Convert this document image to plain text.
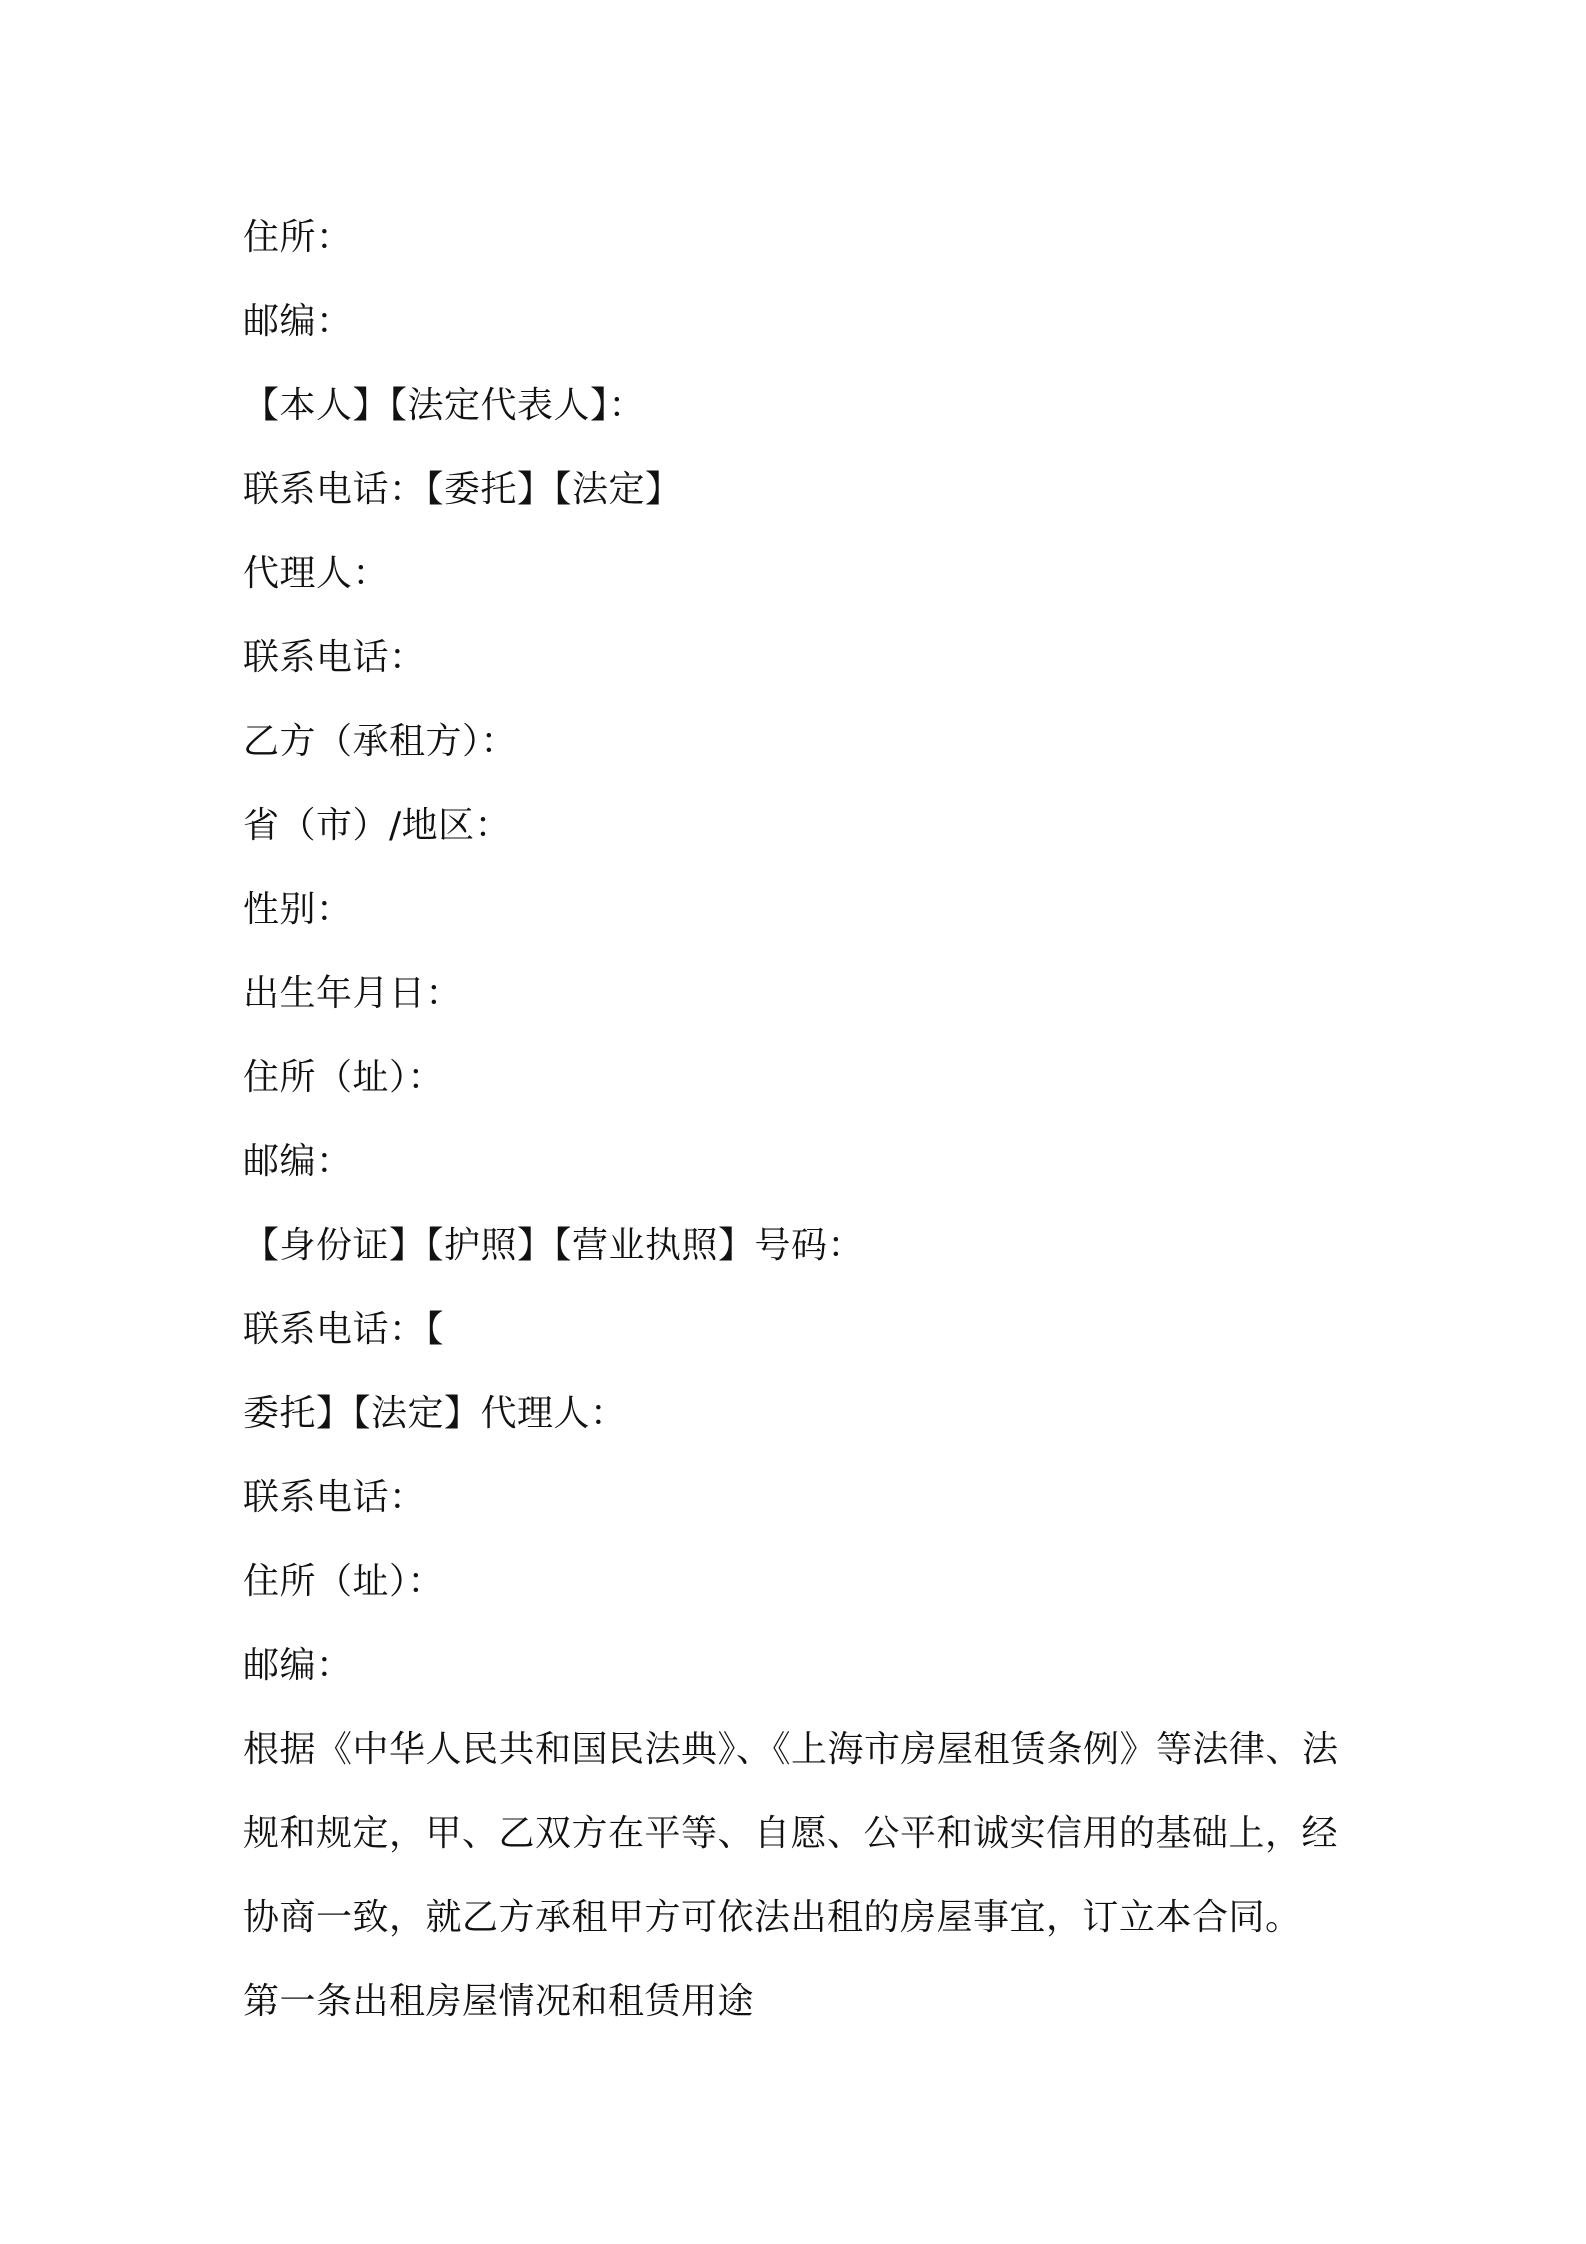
住所：
邮编：
【本人】【法定代表人】：
联系电话：【委托】【法定】
代理人：
联系电话：
乙方（承租方）：
省（市）/地区：
性别：
出生年月日：
住所（址）：
邮编：
【身份证】【护照】【营业执照】号码：
联系电话：【
委托】【法定】代理人：
联系电话：
住所（址）：
邮编：
根据《中华人民共和国民法典》、《上海市房屋租赁条例》等法律、法
规和规定，甲、乙双方在平等、自愿、公平和诚实信用的基础上，经
协商一致，就乙方承租甲方可依法出租的房屋事宜，订立本合同。
第一条出租房屋情况和租赁用途
